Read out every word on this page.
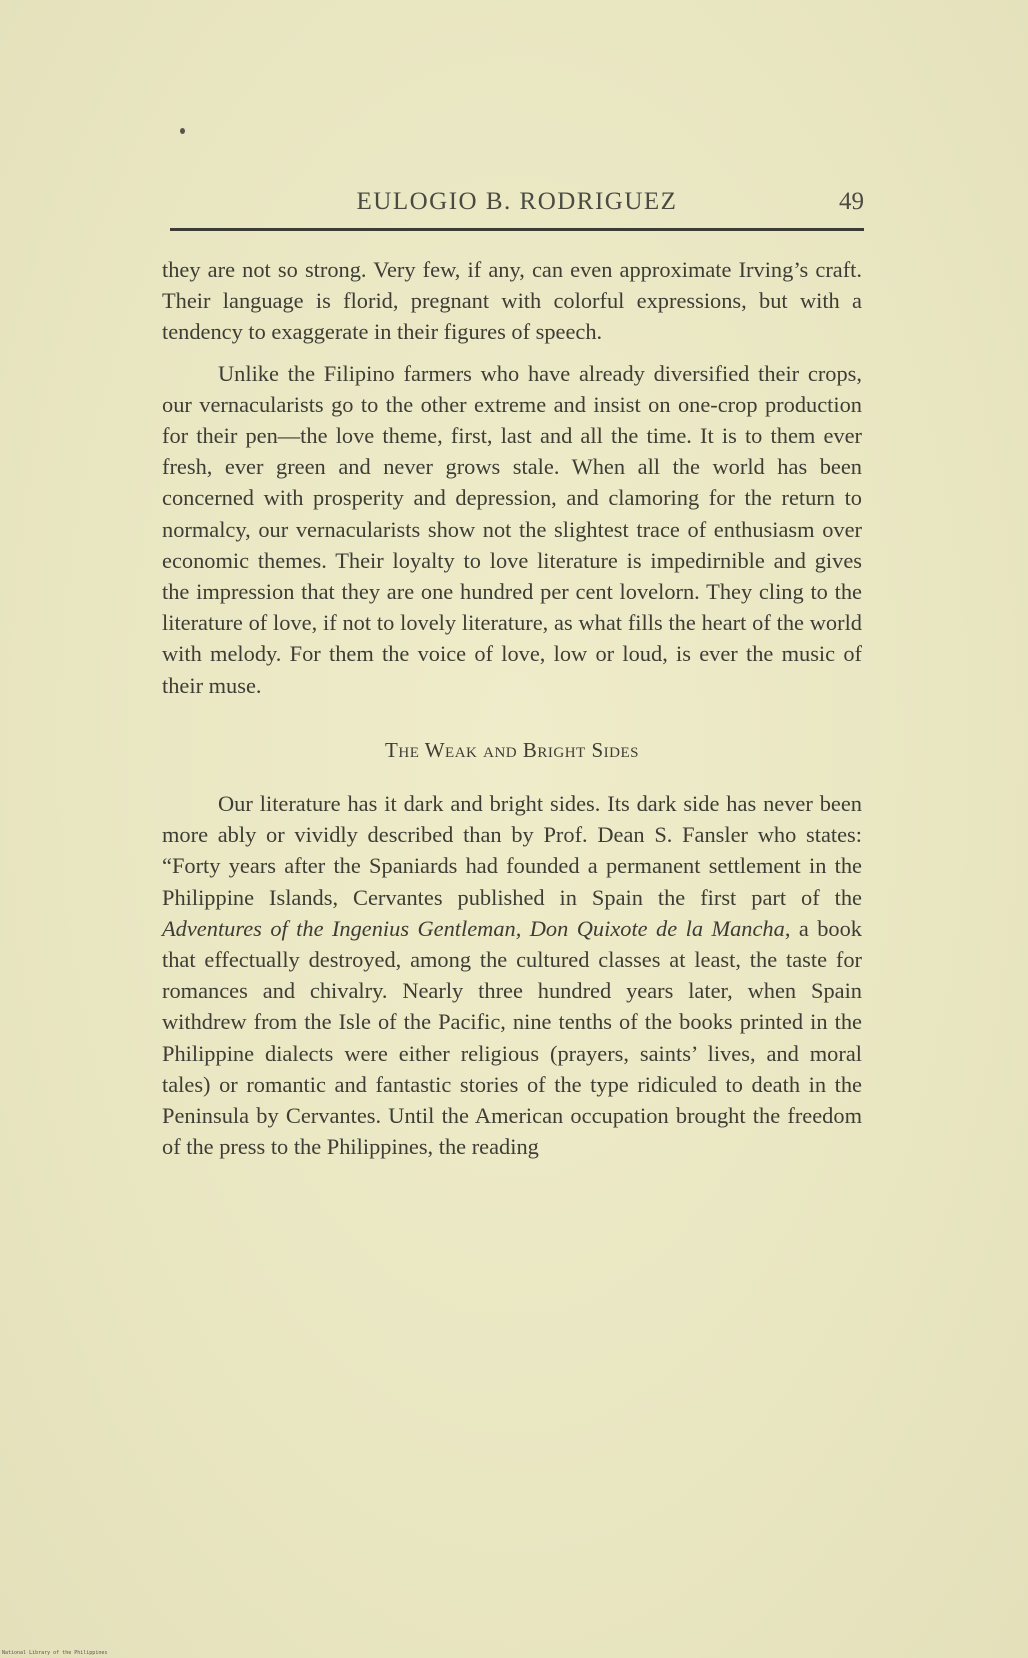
EULOGIO B. RODRIGUEZ	49

they are not so strong. Very few, if any, can even approximate Irving’s craft. Their language is florid, pregnant with colorful expressions, but with a tendency to exaggerate in their figures of speech.

Unlike the Filipino farmers who have already diversified their crops, our vernacularists go to the other extreme and insist on one-crop production for their pen—the love theme, first, last and all the time. It is to them ever fresh, ever green and never grows stale. When all the world has been concerned with prosperity and depression, and clamoring for the return to normalcy, our vernacularists show not the slightest trace of enthusiasm over economic themes. Their loyalty to love literature is impedirnible and gives the impression that they are one hundred per cent lovelorn. They cling to the literature of love, if not to lovely literature, as what fills the heart of the world with melody. For them the voice of love, low or loud, is ever the music of their muse.

The Weak and Bright Sides

Our literature has it dark and bright sides. Its dark side has never been more ably or vividly described than by Prof. Dean S. Fansler who states: “Forty years after the Spaniards had founded a permanent settlement in the Philippine Islands, Cervantes published in Spain the first part of the Adventures of the Ingenius Gentleman, Don Quixote de la Mancha, a book that effectually destroyed, among the cultured classes at least, the taste for romances and chivalry. Nearly three hundred years later, when Spain withdrew from the Isle of the Pacific, nine tenths of the books printed in the Philippine dialects were either religious (prayers, saints’ lives, and moral tales) or romantic and fantastic stories of the type ridiculed to death in the Peninsula by Cervantes. Until the American occupation brought the freedom of the press to the Philippines, the reading

National Library of the Philippines
